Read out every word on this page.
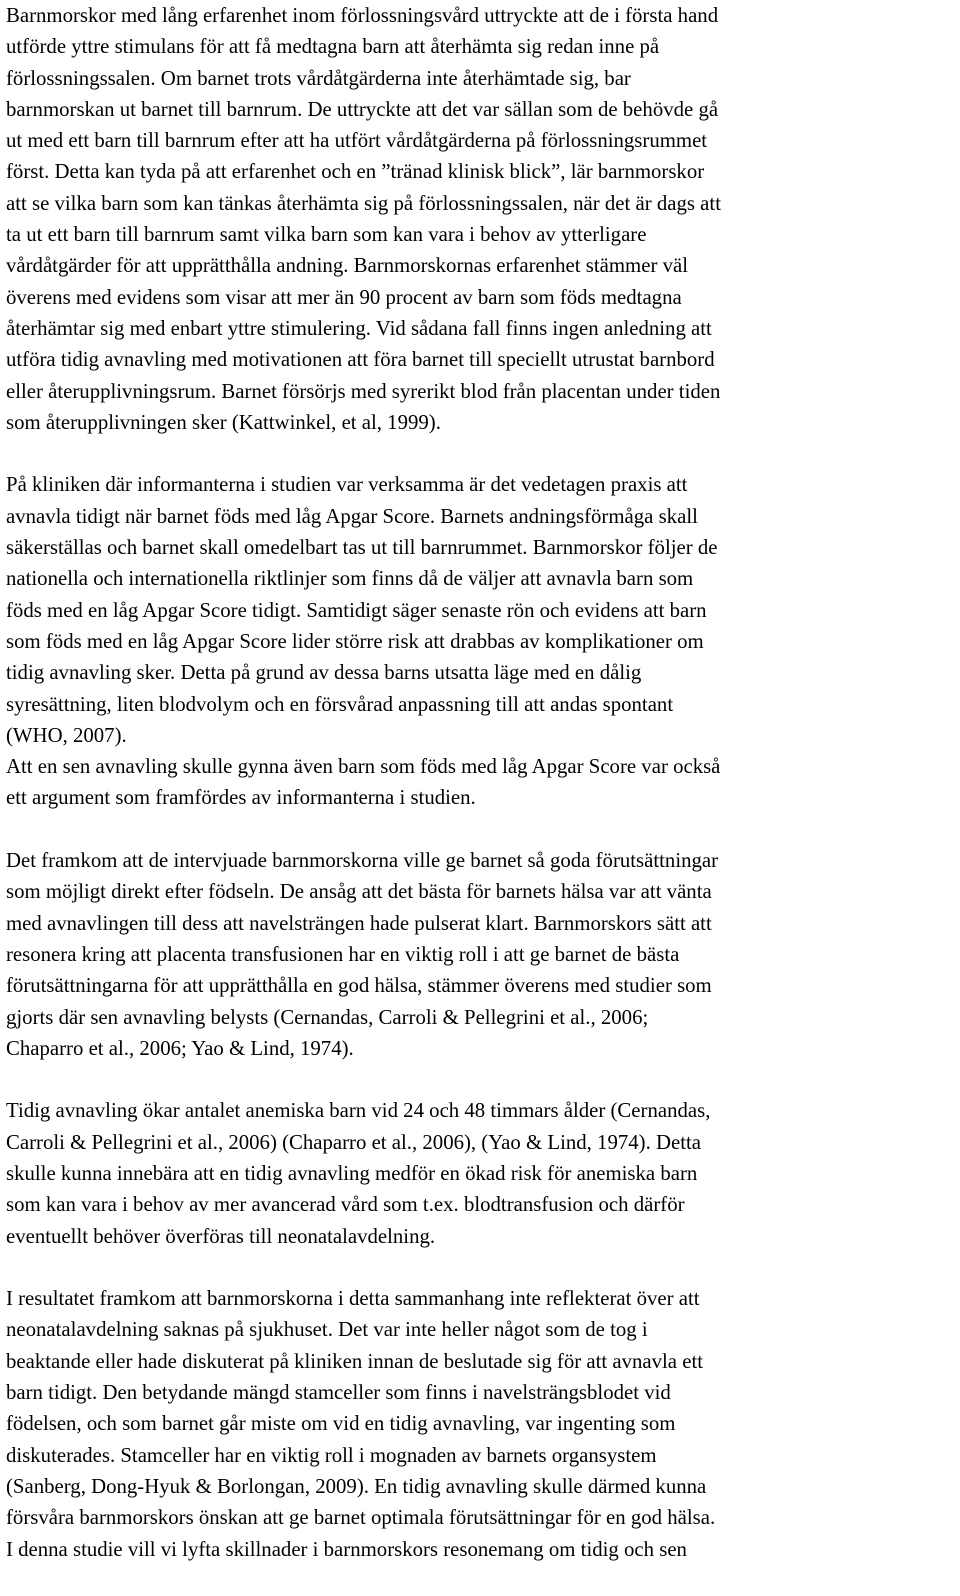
Barnmorskor med lång erfarenhet inom förlossningsvård uttryckte att de i första hand
utförde yttre stimulans för att få medtagna barn att återhämta sig redan inne på
förlossningssalen. Om barnet trots vårdåtgärderna inte återhämtade sig, bar
barnmorskan ut barnet till barnrum. De uttryckte att det var sällan som de behövde gå
ut med ett barn till barnrum efter att ha utfört vårdåtgärderna på förlossningsrummet
först. Detta kan tyda på att erfarenhet och en ”tränad klinisk blick”, lär barnmorskor
att se vilka barn som kan tänkas återhämta sig på förlossningssalen, när det är dags att
ta ut ett barn till barnrum samt vilka barn som kan vara i behov av ytterligare
vårdåtgärder för att upprätthålla andning. Barnmorskornas erfarenhet stämmer väl
överens med evidens som visar att mer än 90 procent av barn som föds medtagna
återhämtar sig med enbart yttre stimulering. Vid sådana fall finns ingen anledning att
utföra tidig avnavling med motivationen att föra barnet till speciellt utrustat barnbord
eller återupplivningsrum. Barnet försörjs med syrerikt blod från placentan under tiden
som återupplivningen sker (Kattwinkel, et al, 1999).
På kliniken där informanterna i studien var verksamma är det vedetagen praxis att
avnavla tidigt när barnet föds med låg Apgar Score. Barnets andningsförmåga skall
säkerställas och barnet skall omedelbart tas ut till barnrummet. Barnmorskor följer de
nationella och internationella riktlinjer som finns då de väljer att avnavla barn som
föds med en låg Apgar Score tidigt. Samtidigt säger senaste rön och evidens att barn
som föds med en låg Apgar Score lider större risk att drabbas av komplikationer om
tidig avnavling sker. Detta på grund av dessa barns utsatta läge med en dålig
syresättning, liten blodvolym och en försvårad anpassning till att andas spontant
(WHO, 2007).
Att en sen avnavling skulle gynna även barn som föds med låg Apgar Score var också
ett argument som framfördes av informanterna i studien.
Det framkom att de intervjuade barnmorskorna ville ge barnet så goda förutsättningar
som möjligt direkt efter födseln. De ansåg att det bästa för barnets hälsa var att vänta
med avnavlingen till dess att navelsträngen hade pulserat klart. Barnmorskors sätt att
resonera kring att placenta transfusionen har en viktig roll i att ge barnet de bästa
förutsättningarna för att upprätthålla en god hälsa, stämmer överens med studier som
gjorts där sen avnavling belysts (Cernandas, Carroli & Pellegrini et al., 2006;
Chaparro et al., 2006; Yao & Lind, 1974).
Tidig avnavling ökar antalet anemiska barn vid 24 och 48 timmars ålder (Cernandas,
Carroli & Pellegrini et al., 2006) (Chaparro et al., 2006), (Yao & Lind, 1974). Detta
skulle kunna innebära att en tidig avnavling medför en ökad risk för anemiska barn
som kan vara i behov av mer avancerad vård som t.ex. blodtransfusion och därför
eventuellt behöver överföras till neonatalavdelning.
I resultatet framkom att barnmorskorna i detta sammanhang inte reflekterat över att
neonatalavdelning saknas på sjukhuset. Det var inte heller något som de tog i
beaktande eller hade diskuterat på kliniken innan de beslutade sig för att avnavla ett
barn tidigt. Den betydande mängd stamceller som finns i navelsträngsblodet vid
födelsen, och som barnet går miste om vid en tidig avnavling, var ingenting som
diskuterades. Stamceller har en viktig roll i mognaden av barnets organsystem
(Sanberg, Dong-Hyuk & Borlongan, 2009). En tidig avnavling skulle därmed kunna
försvåra barnmorskors önskan att ge barnet optimala förutsättningar för en god hälsa.
I denna studie vill vi lyfta skillnader i barnmorskors resonemang om tidig och sen
